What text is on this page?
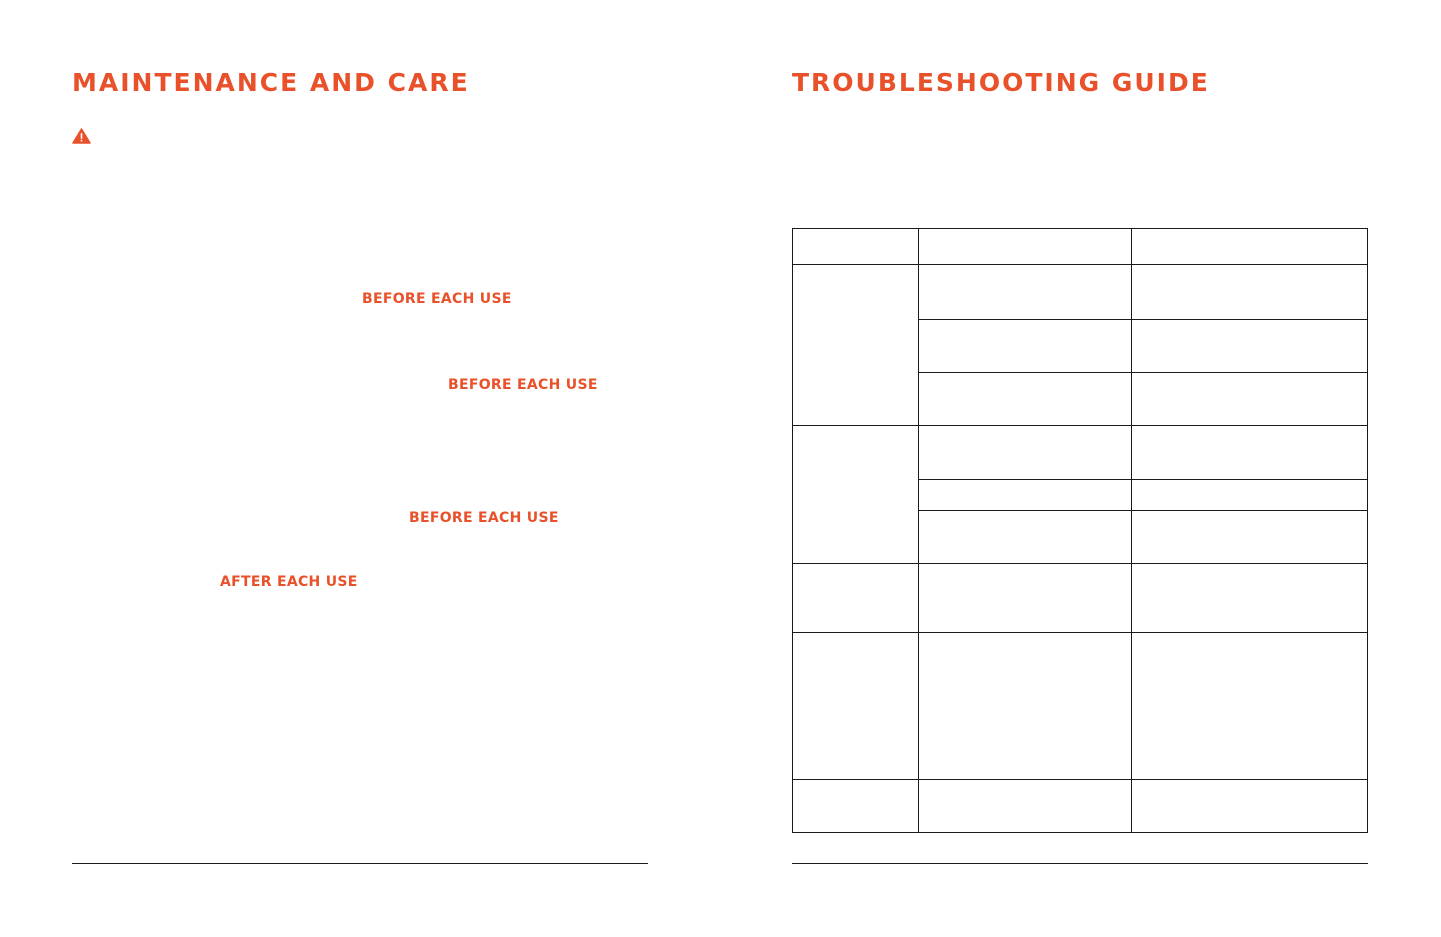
MAINTENANCE AND CARE
BEFORE EACH USE
BEFORE EACH USE
BEFORE EACH USE
AFTER EACH USE
TROUBLESHOOTING GUIDE
